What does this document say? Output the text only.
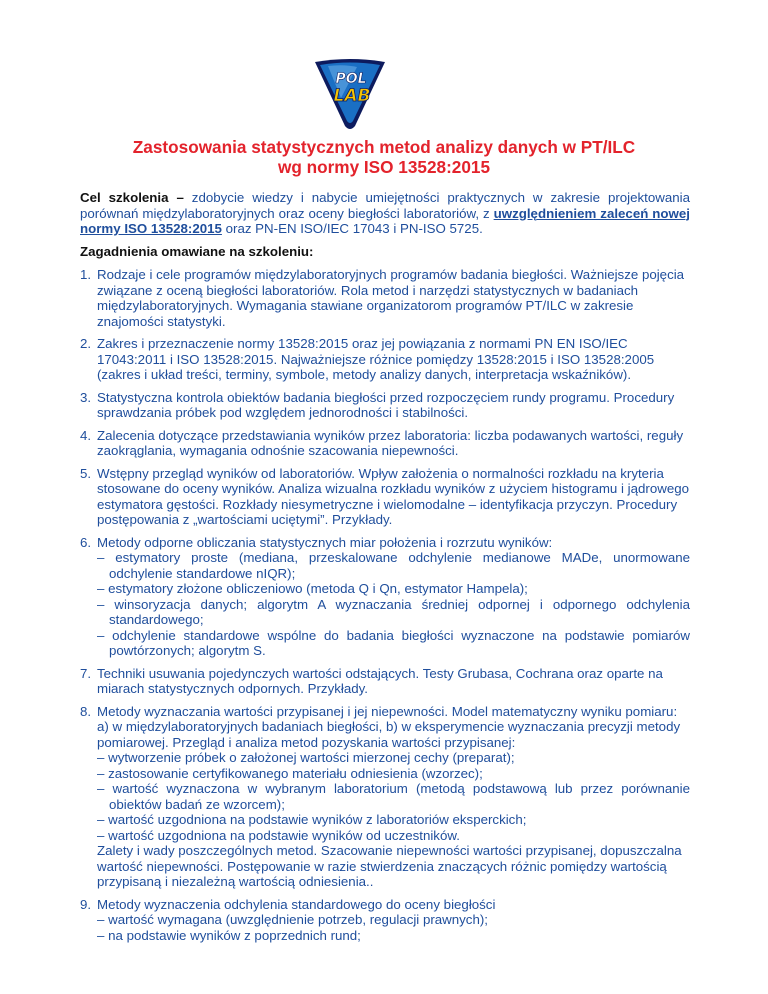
POL
LAB
Zastosowania statystycznych metod analizy danych w PT/ILC
wg normy ISO 13528:2015

Cel szkolenia – zdobycie wiedzy i nabycie umiejętności praktycznych w zakresie projektowania porównań międzylaboratoryjnych oraz oceny biegłości laboratoriów, z uwzględnieniem zaleceń nowej normy ISO 13528:2015 oraz PN-EN ISO/IEC 17043 i PN-ISO 5725.

Zagadnienia omawiane na szkoleniu:

1. Rodzaje i cele programów międzylaboratoryjnych programów badania biegłości. Ważniejsze pojęcia związane z oceną biegłości laboratoriów. Rola metod i narzędzi statystycznych w badaniach międzylaboratoryjnych. Wymagania stawiane organizatorom programów PT/ILC w zakresie znajomości statystyki.
2. Zakres i przeznaczenie normy 13528:2015 oraz jej powiązania z normami PN EN ISO/IEC 17043:2011 i ISO 13528:2015. Najważniejsze różnice pomiędzy 13528:2015 i ISO 13528:2005 (zakres i układ treści, terminy, symbole, metody analizy danych, interpretacja wskaźników).
3. Statystyczna kontrola obiektów badania biegłości przed rozpoczęciem rundy programu. Procedury sprawdzania próbek pod względem jednorodności i stabilności.
4. Zalecenia dotyczące przedstawiania wyników przez laboratoria: liczba podawanych wartości, reguły zaokrąglania, wymagania odnośnie szacowania niepewności.
5. Wstępny przegląd wyników od laboratoriów. Wpływ założenia o normalności rozkładu na kryteria stosowane do oceny wyników. Analiza wizualna rozkładu wyników z użyciem histogramu i jądrowego estymatora gęstości. Rozkłady niesymetryczne i wielomodalne – identyfikacja przyczyn. Procedury postępowania z „wartościami uciętymi”. Przykłady.
6. Metody odporne obliczania statystycznych miar położenia i rozrzutu wyników:
– estymatory proste (mediana, przeskalowane odchylenie medianowe MADe, unormowane odchylenie standardowe nIQR);
– estymatory złożone obliczeniowo (metoda Q i Qn, estymator Hampela);
– winsoryzacja danych; algorytm A wyznaczania średniej odpornej i odpornego odchylenia standardowego;
– odchylenie standardowe wspólne do badania biegłości wyznaczone na podstawie pomiarów powtórzonych; algorytm S.
7. Techniki usuwania pojedynczych wartości odstających. Testy Grubasa, Cochrana oraz oparte na miarach statystycznych odpornych. Przykłady.
8. Metody wyznaczania wartości przypisanej i jej niepewności. Model matematyczny wyniku pomiaru: a) w międzylaboratoryjnych badaniach biegłości, b) w eksperymencie wyznaczania precyzji metody pomiarowej. Przegląd i analiza metod pozyskania wartości przypisanej:
– wytworzenie próbek o założonej wartości mierzonej cechy (preparat);
– zastosowanie certyfikowanego materiału odniesienia (wzorzec);
– wartość wyznaczona w wybranym laboratorium (metodą podstawową lub przez porównanie obiektów badań ze wzorcem);
– wartość uzgodniona na podstawie wyników z laboratoriów eksperckich;
– wartość uzgodniona na podstawie wyników od uczestników.
Zalety i wady poszczególnych metod. Szacowanie niepewności wartości przypisanej, dopuszczalna wartość niepewności. Postępowanie w razie stwierdzenia znaczących różnic pomiędzy wartością przypisaną i niezależną wartością odniesienia..
9. Metody wyznaczenia odchylenia standardowego do oceny biegłości
– wartość wymagana (uwzględnienie potrzeb, regulacji prawnych);
– na podstawie wyników z poprzednich rund;
